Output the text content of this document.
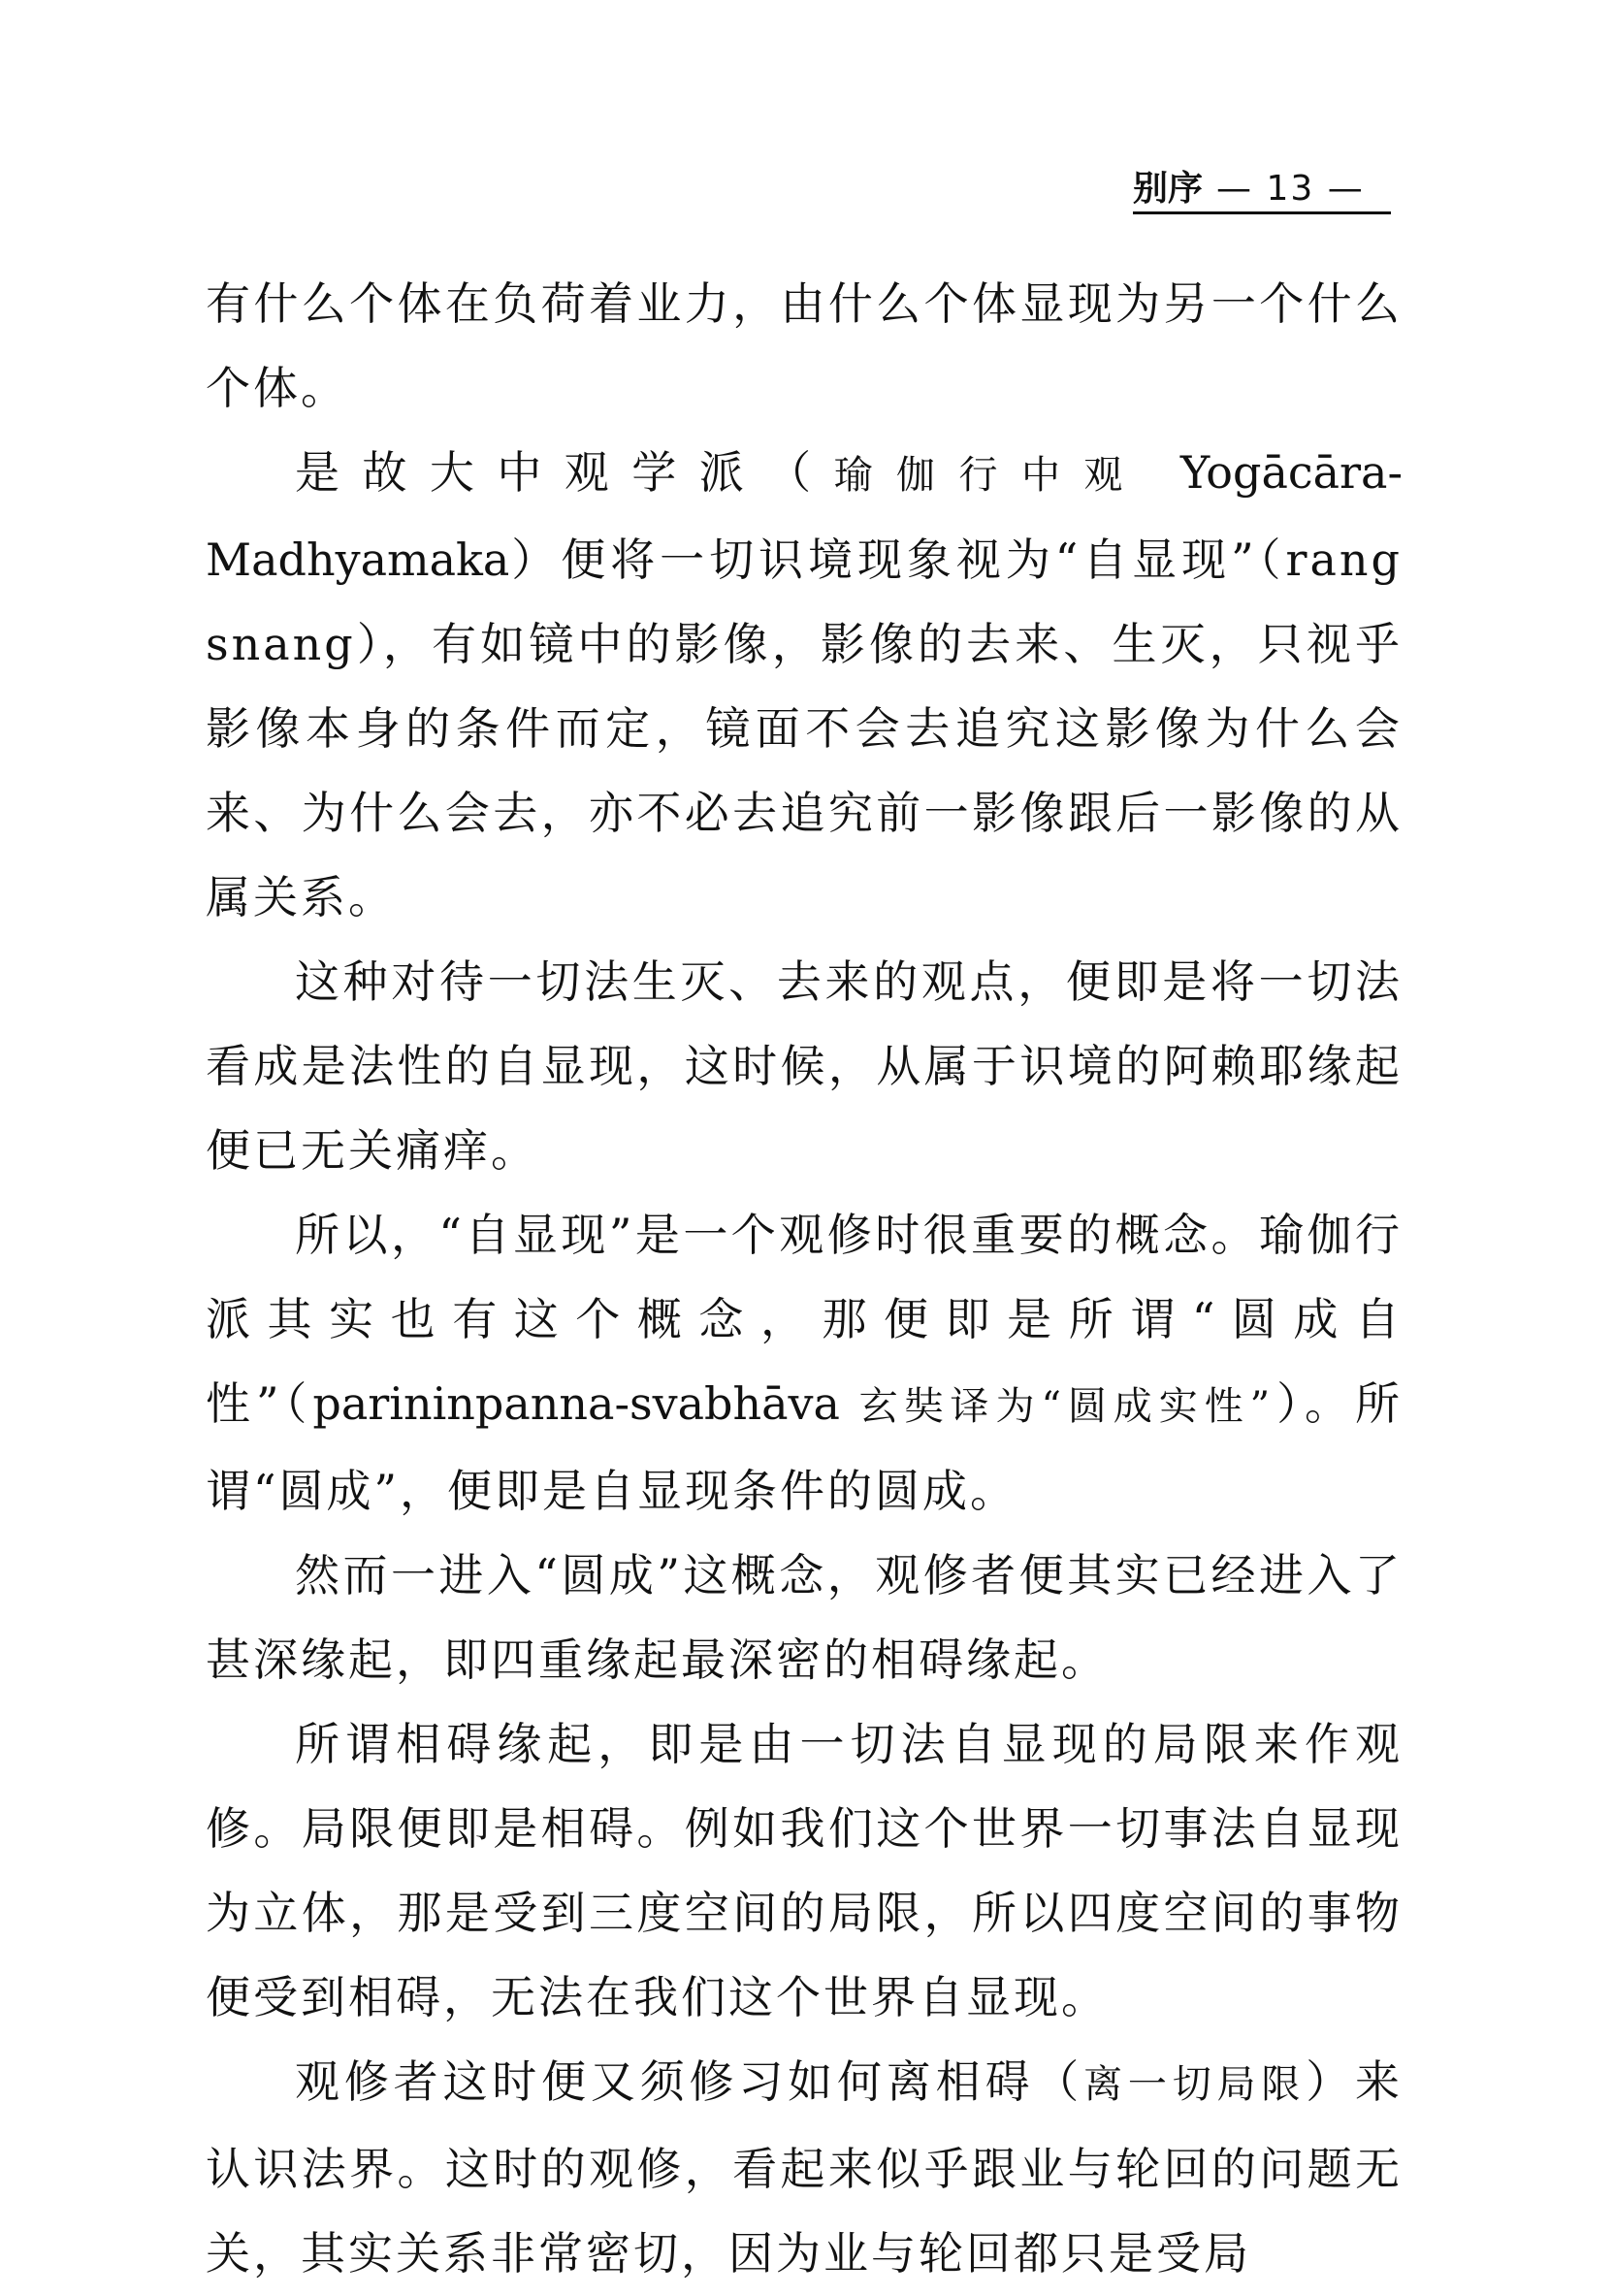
别序 — 13 —

有什么个体在负荷着业力，由什么个体显现为另一个什么个体。

是故大中观学派（瑜伽行中观 Yogācāra-Madhyamaka）便将一切识境现象视为“自显现”（rang snang），有如镜中的影像，影像的去来、生灭，只视乎影像本身的条件而定，镜面不会去追究这影像为什么会来、为什么会去，亦不必去追究前一影像跟后一影像的从属关系。

这种对待一切法生灭、去来的观点，便即是将一切法看成是法性的自显现，这时候，从属于识境的阿赖耶缘起便已无关痛痒。

所以，“自显现”是一个观修时很重要的概念。瑜伽行派其实也有这个概念，那便即是所谓“圆成自性”（parininpanna-svabhāva 玄奘译为“圆成实性”）。所谓“圆成”，便即是自显现条件的圆成。

然而一进入“圆成”这概念，观修者便其实已经进入了甚深缘起，即四重缘起最深密的相碍缘起。

所谓相碍缘起，即是由一切法自显现的局限来作观修。局限便即是相碍。例如我们这个世界一切事法自显现为立体，那是受到三度空间的局限，所以四度空间的事物便受到相碍，无法在我们这个世界自显现。

观修者这时便又须修习如何离相碍（离一切局限）来认识法界。这时的观修，看起来似乎跟业与轮回的问题无关，其实关系非常密切，因为业与轮回都只是受局
